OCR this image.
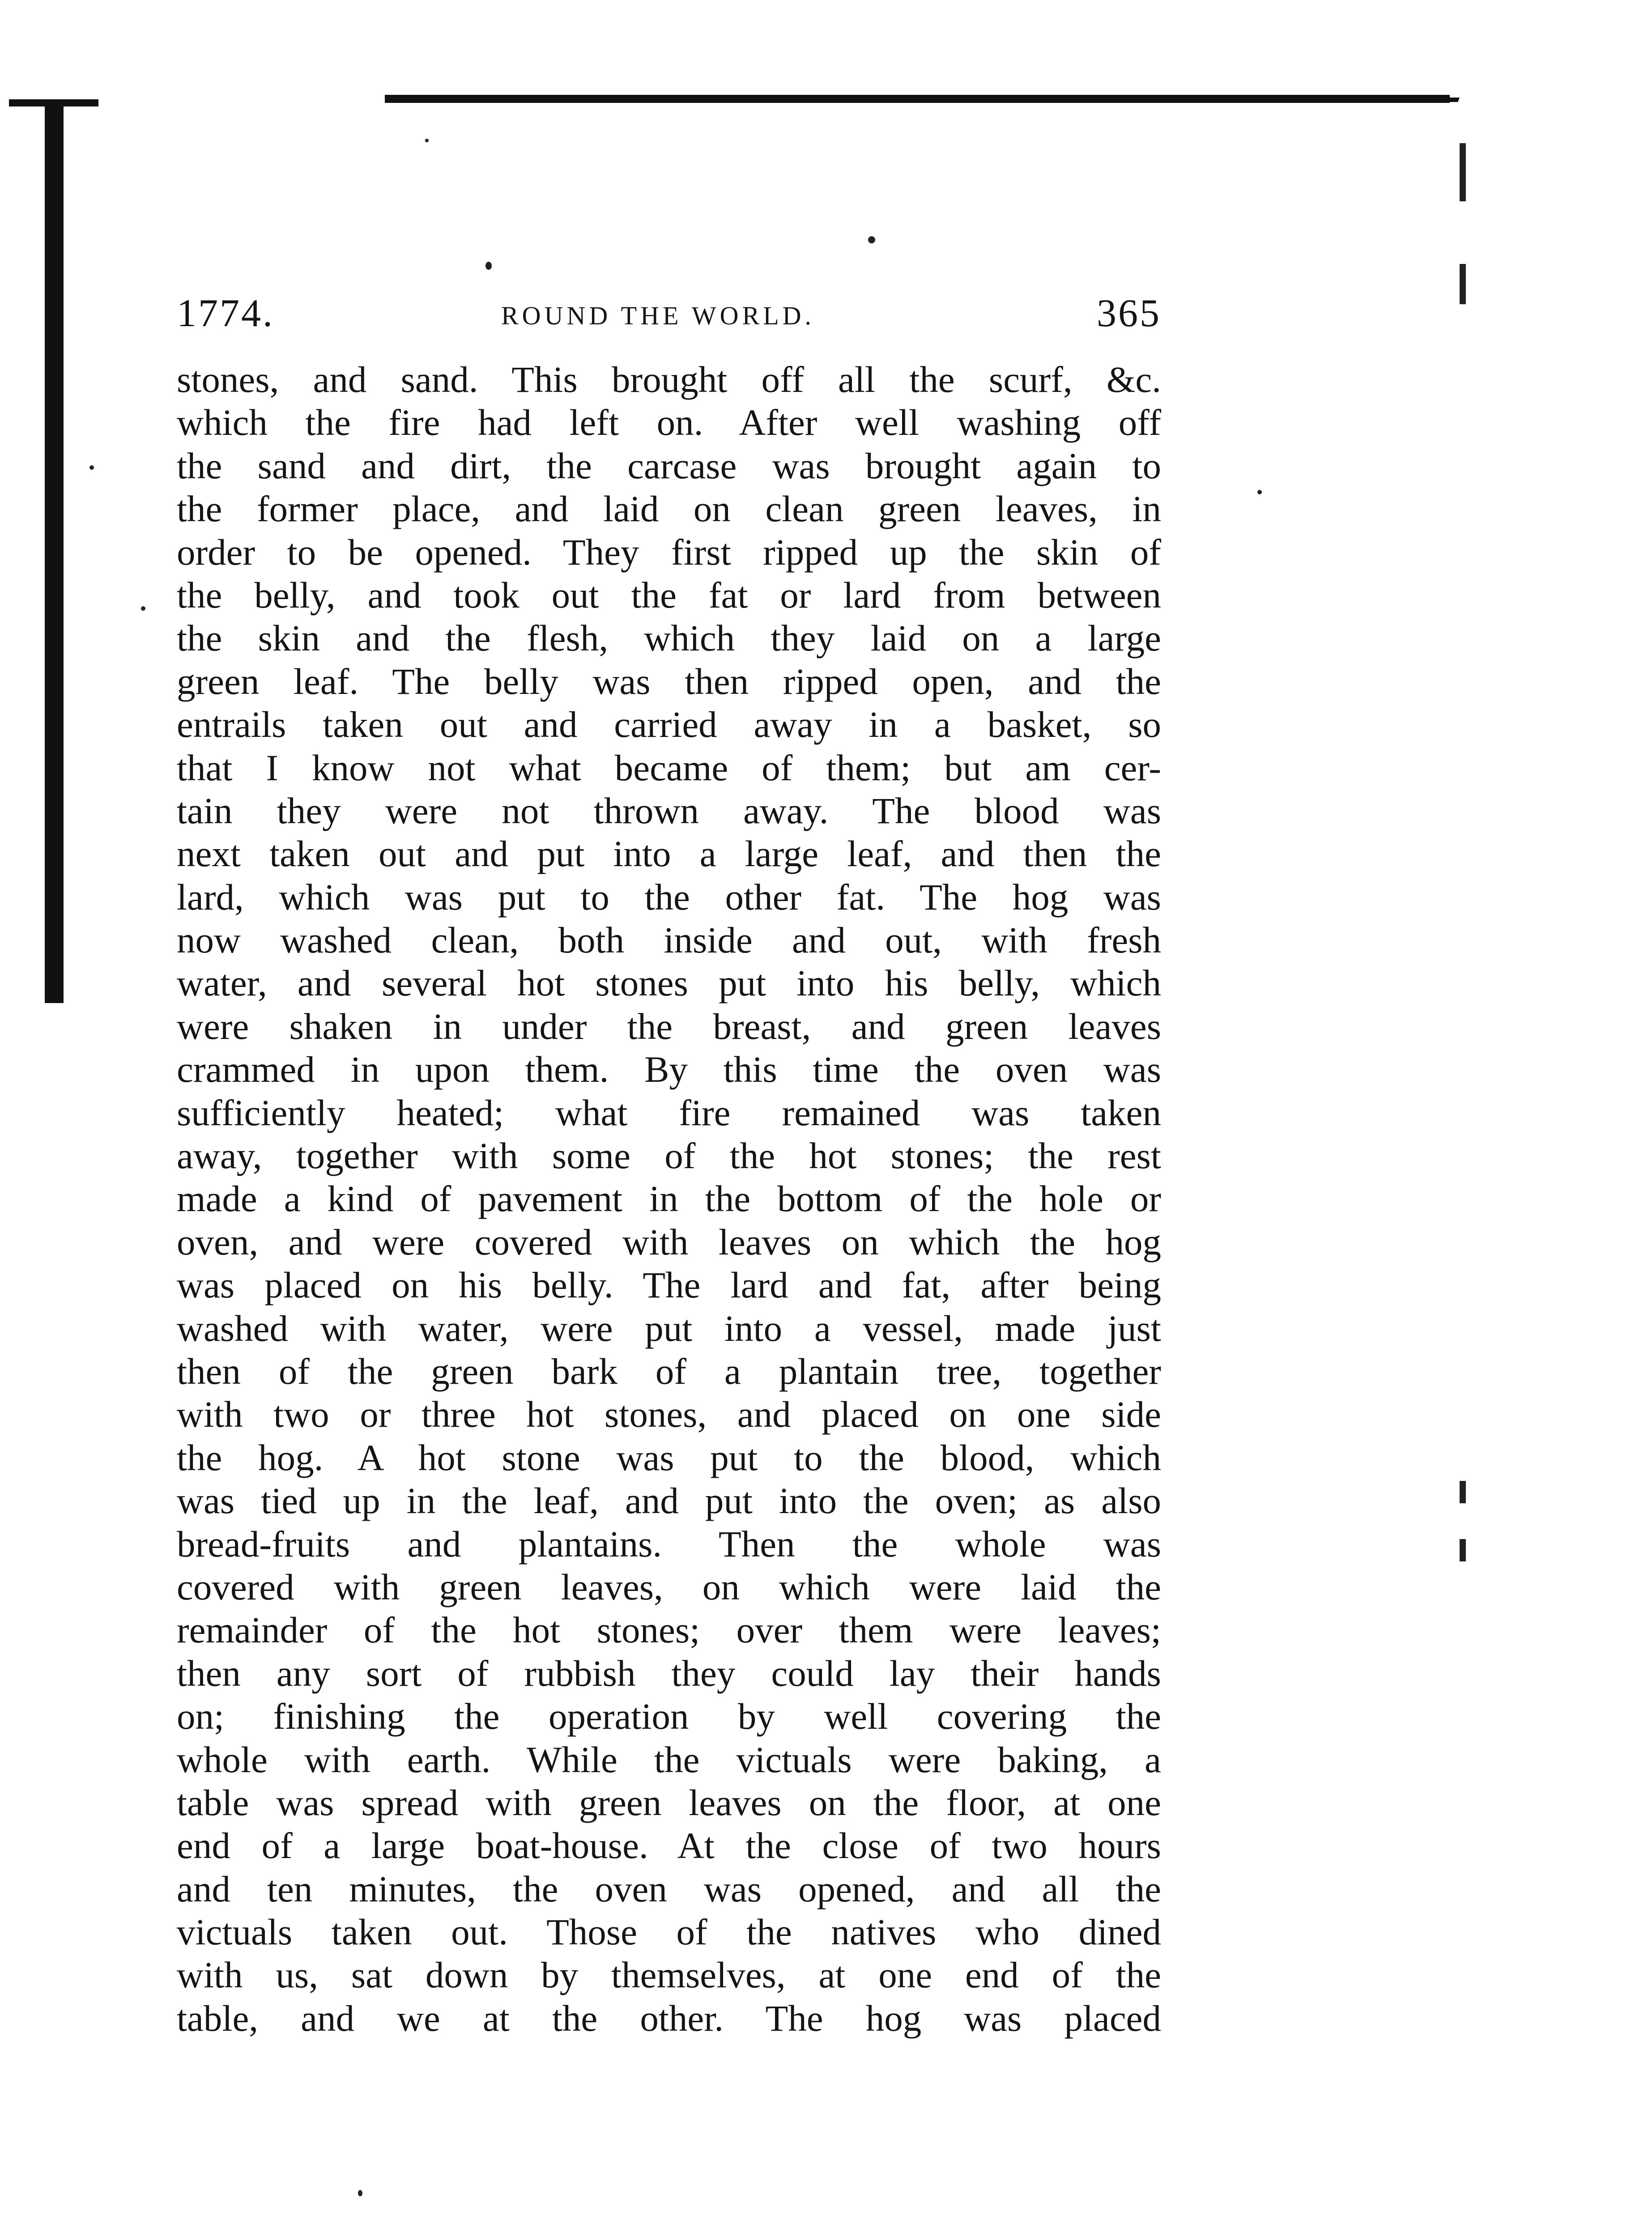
1774.	ROUND THE WORLD.	365
stones, and sand. This brought off all the scurf, &c.
which the fire had left on. After well washing off
the sand and dirt, the carcase was brought again to
the former place, and laid on clean green leaves, in
order to be opened. They first ripped up the skin of
the belly, and took out the fat or lard from between
the skin and the flesh, which they laid on a large
green leaf. The belly was then ripped open, and the
entrails taken out and carried away in a basket, so
that I know not what became of them; but am cer-
tain they were not thrown away. The blood was
next taken out and put into a large leaf, and then the
lard, which was put to the other fat. The hog was
now washed clean, both inside and out, with fresh
water, and several hot stones put into his belly, which
were shaken in under the breast, and green leaves
crammed in upon them. By this time the oven was
sufficiently heated; what fire remained was taken
away, together with some of the hot stones; the rest
made a kind of pavement in the bottom of the hole or
oven, and were covered with leaves on which the hog
was placed on his belly. The lard and fat, after being
washed with water, were put into a vessel, made just
then of the green bark of a plantain tree, together
with two or three hot stones, and placed on one side
the hog. A hot stone was put to the blood, which
was tied up in the leaf, and put into the oven; as also
bread-fruits and plantains. Then the whole was
covered with green leaves, on which were laid the
remainder of the hot stones; over them were leaves;
then any sort of rubbish they could lay their hands
on; finishing the operation by well covering the
whole with earth. While the victuals were baking, a
table was spread with green leaves on the floor, at one
end of a large boat-house. At the close of two hours
and ten minutes, the oven was opened, and all the
victuals taken out. Those of the natives who dined
with us, sat down by themselves, at one end of the
table, and we at the other. The hog was placed
